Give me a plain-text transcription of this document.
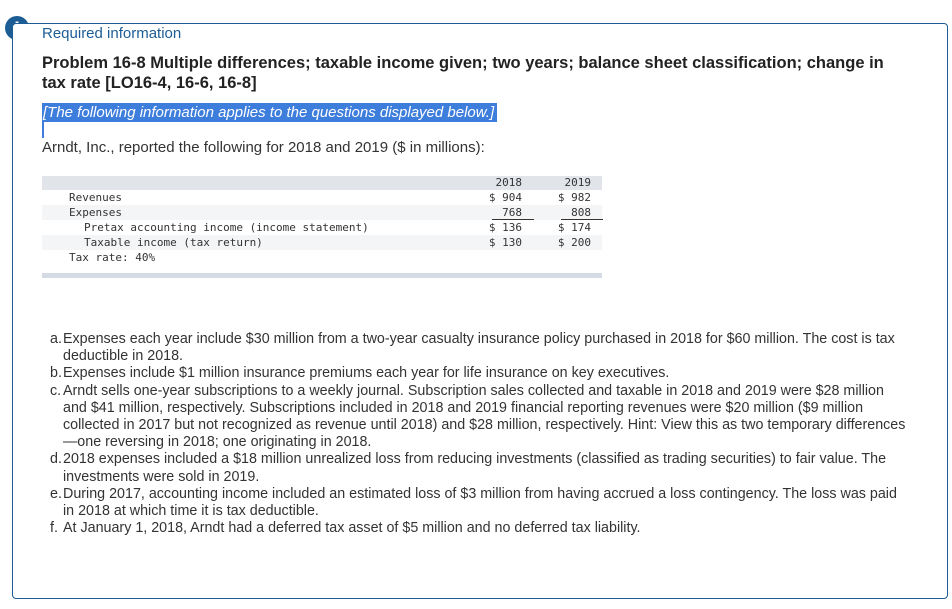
Required information
Problem 16-8 Multiple differences; taxable income given; two years; balance sheet classification; change in tax rate [LO16-4, 16-6, 16-8]
[The following information applies to the questions displayed below.]
Arndt, Inc., reported the following for 2018 and 2019 ($ in millions):
2018	2019
Revenues	$ 904	$ 982
Expenses	768	808
Pretax accounting income (income statement)	$ 136	$ 174
Taxable income (tax return)	$ 130	$ 200
Tax rate: 40%
a. Expenses each year include $30 million from a two-year casualty insurance policy purchased in 2018 for $60 million. The cost is tax deductible in 2018.
b. Expenses include $1 million insurance premiums each year for life insurance on key executives.
c. Arndt sells one-year subscriptions to a weekly journal. Subscription sales collected and taxable in 2018 and 2019 were $28 million and $41 million, respectively. Subscriptions included in 2018 and 2019 financial reporting revenues were $20 million ($9 million collected in 2017 but not recognized as revenue until 2018) and $28 million, respectively. Hint: View this as two temporary differences—one reversing in 2018; one originating in 2018.
d. 2018 expenses included a $18 million unrealized loss from reducing investments (classified as trading securities) to fair value. The investments were sold in 2019.
e. During 2017, accounting income included an estimated loss of $3 million from having accrued a loss contingency. The loss was paid in 2018 at which time it is tax deductible.
f. At January 1, 2018, Arndt had a deferred tax asset of $5 million and no deferred tax liability.
